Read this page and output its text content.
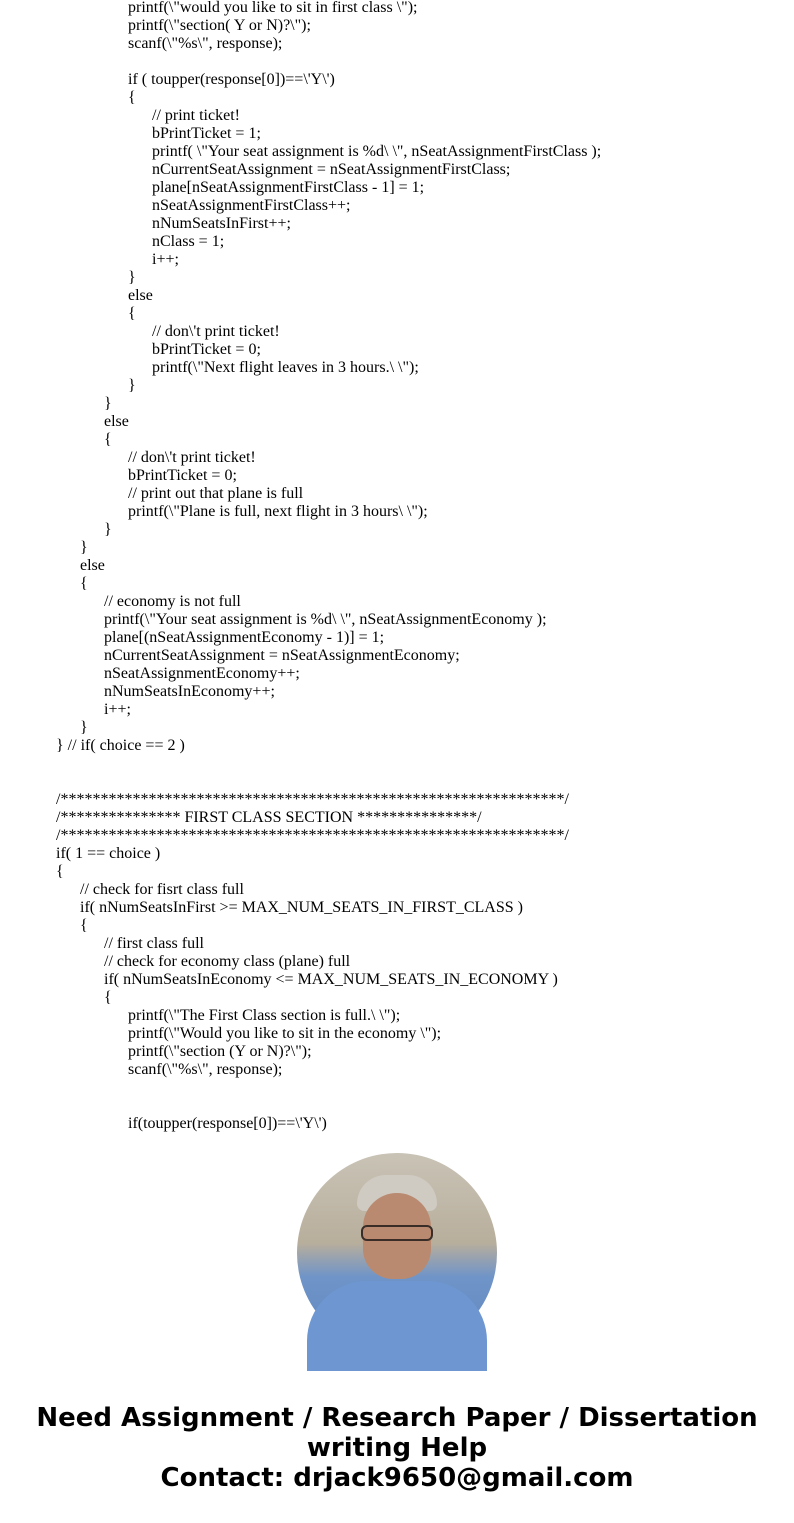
printf(\"would you like to sit in first class \");
printf(\"section( Y or N)?\");
scanf(\"%s\", response);
if ( toupper(response[0])==\'Y\')
{
// print ticket!
bPrintTicket = 1;
printf( \"Your seat assignment is %d\ \", nSeatAssignmentFirstClass );
nCurrentSeatAssignment = nSeatAssignmentFirstClass;
plane[nSeatAssignmentFirstClass - 1] = 1;
nSeatAssignmentFirstClass++;
nNumSeatsInFirst++;
nClass = 1;
i++;
}
else
{
// don\'t print ticket!
bPrintTicket = 0;
printf(\"Next flight leaves in 3 hours.\ \");
}
}
else
{
// don\'t print ticket!
bPrintTicket = 0;
// print out that plane is full
printf(\"Plane is full, next flight in 3 hours\ \");
}
}
else
{
// economy is not full
printf(\"Your seat assignment is %d\ \", nSeatAssignmentEconomy );
plane[(nSeatAssignmentEconomy - 1)] = 1;
nCurrentSeatAssignment = nSeatAssignmentEconomy;
nSeatAssignmentEconomy++;
nNumSeatsInEconomy++;
i++;
}
} // if( choice == 2 )
/***************************************************************/
/*************** FIRST CLASS SECTION ***************/
/***************************************************************/
if( 1 == choice )
{
// check for fisrt class full
if( nNumSeatsInFirst >= MAX_NUM_SEATS_IN_FIRST_CLASS )
{
// first class full
// check for economy class (plane) full
if( nNumSeatsInEconomy <= MAX_NUM_SEATS_IN_ECONOMY )
{
printf(\"The First Class section is full.\ \");
printf(\"Would you like to sit in the economy \");
printf(\"section (Y or N)?\");
scanf(\"%s\", response);
if(toupper(response[0])==\'Y\')
Need Assignment / Research Paper / Dissertation
writing Help
Contact: drjack9650@gmail.com
